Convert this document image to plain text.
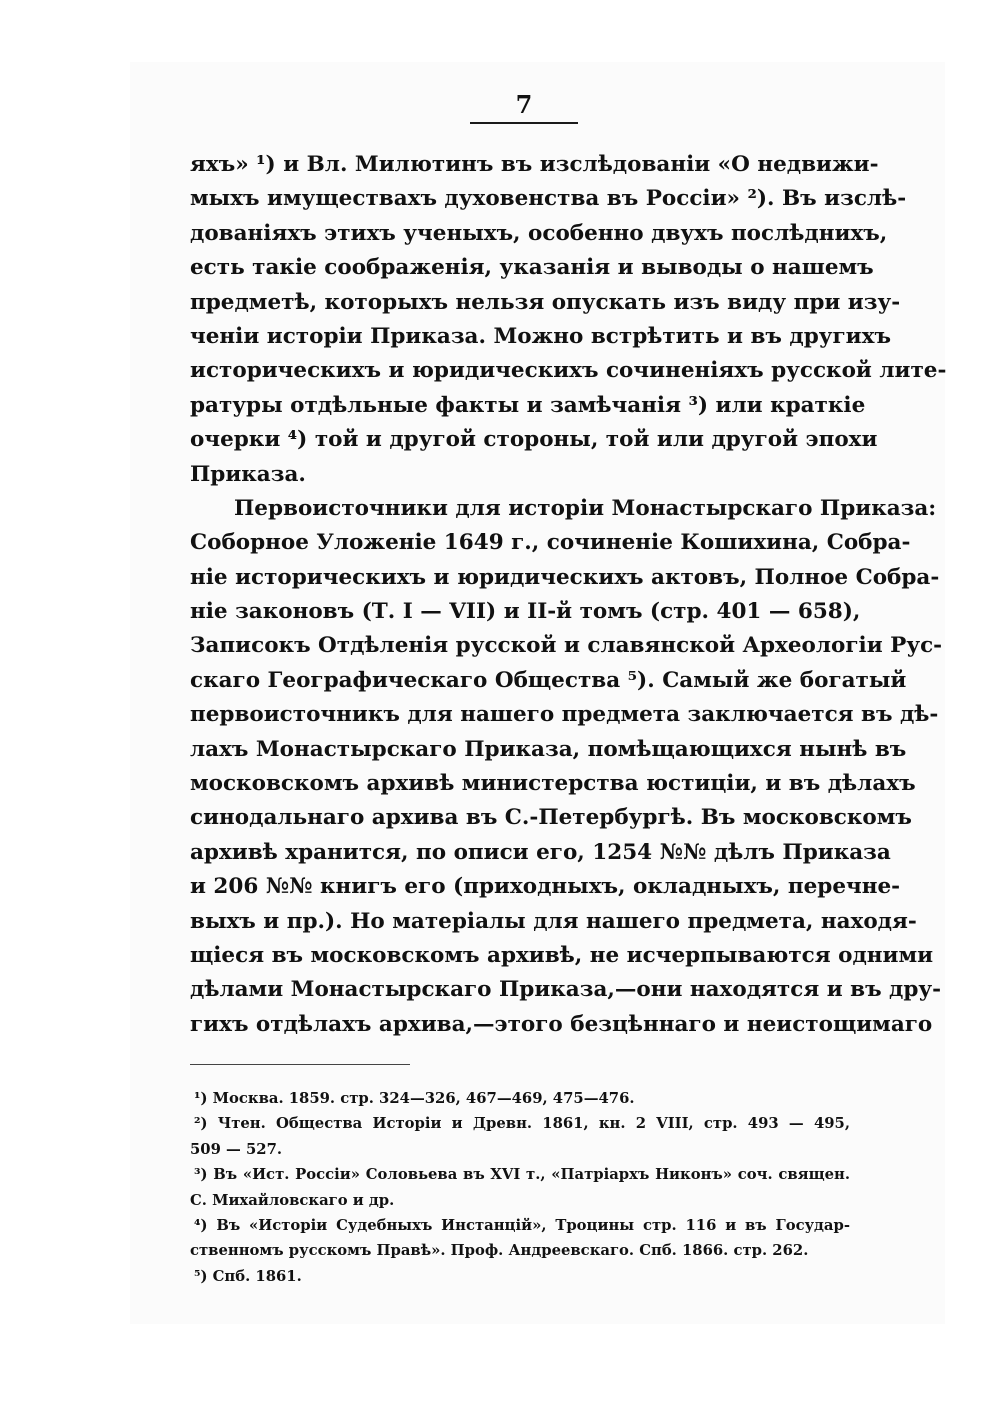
7
яхъ» ¹) и Вл. Милютинъ въ изслѣдованіи «О недвижи-
мыхъ имуществахъ духовенства въ Россіи» ²). Въ изслѣ-
дованіяхъ этихъ ученыхъ, особенно двухъ послѣднихъ,
есть такіе соображенія, указанія и выводы о нашемъ
предметѣ, которыхъ нельзя опускать изъ виду при изу-
ченіи исторіи Приказа. Можно встрѣтить и въ другихъ
историческихъ и юридическихъ сочиненіяхъ русской лите-
ратуры отдѣльные факты и замѣчанія ³) или краткіе
очерки ⁴) той и другой стороны, той или другой эпохи
Приказа.
Первоисточники для исторіи Монастырскаго Приказа:
Соборное Уложеніе 1649 г., сочиненіе Кошихина, Собра-
ніе историческихъ и юридическихъ актовъ, Полное Собра-
ніе законовъ (Т. I — VII) и II-й томъ (стр. 401 — 658),
Записокъ Отдѣленія русской и славянской Археологіи Рус-
скаго Географическаго Общества ⁵). Самый же богатый
первоисточникъ для нашего предмета заключается въ дѣ-
лахъ Монастырскаго Приказа, помѣщающихся нынѣ въ
московскомъ архивѣ министерства юстиціи, и въ дѣлахъ
синодальнаго архива въ С.-Петербургѣ. Въ московскомъ
архивѣ хранится, по описи его, 1254 №№ дѣлъ Приказа
и 206 №№ книгъ его (приходныхъ, окладныхъ, перечне-
выхъ и пр.). Но матеріалы для нашего предмета, находя-
щіеся въ московскомъ архивѣ, не исчерпываются одними
дѣлами Монастырскаго Приказа,—они находятся и въ дру-
гихъ отдѣлахъ архива,—этого безцѣннаго и неистощимаго
¹) Москва. 1859. стр. 324—326, 467—469, 475—476.
²) Чтен. Общества Исторіи и Древн. 1861, кн. 2 VIII, стр. 493 — 495,
509 — 527.
³) Въ «Ист. Россіи» Соловьева въ XVI т., «Патріархъ Никонъ» соч. священ.
С. Михайловскаго и др.
⁴) Въ «Исторіи Судебныхъ Инстанцій», Троцины стр. 116 и въ Государ-
ственномъ русскомъ Правѣ». Проф. Андреевскаго. Спб. 1866. стр. 262.
⁵) Спб. 1861.
